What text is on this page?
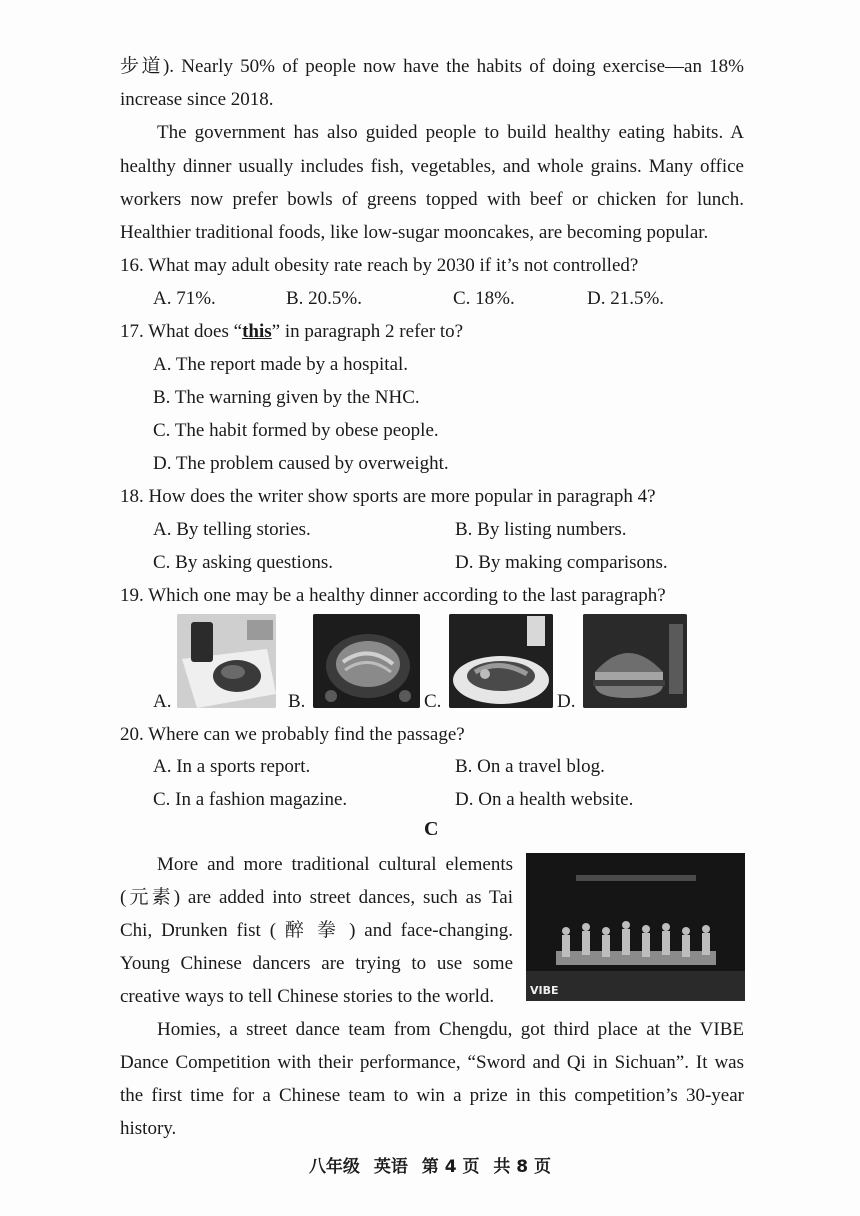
步道). Nearly 50% of people now have the habits of doing exercise—an 18%
increase since 2018.
The government has also guided people to build healthy eating habits. A
healthy dinner usually includes fish, vegetables, and whole grains. Many office
workers now prefer bowls of greens topped with beef or chicken for lunch.
Healthier traditional foods, like low-sugar mooncakes, are becoming popular.
16. What may adult obesity rate reach by 2030 if it’s not controlled?
A. 71%.	B. 20.5%.	C. 18%.	D. 21.5%.
17. What does “this” in paragraph 2 refer to?
A. The report made by a hospital.
B. The warning given by the NHC.
C. The habit formed by obese people.
D. The problem caused by overweight.
18. How does the writer show sports are more popular in paragraph 4?
A. By telling stories.	B. By listing numbers.
C. By asking questions.	D. By making comparisons.
19. Which one may be a healthy dinner according to the last paragraph?
A.	B.	C.	D.
20. Where can we probably find the passage?
A. In a sports report.	B. On a travel blog.
C. In a fashion magazine.	D. On a health website.
C
More and more traditional cultural elements
(元素) are added into street dances, such as Tai
Chi, Drunken fist ( 醉 拳 ) and face-changing.
Young Chinese dancers are trying to use some
creative ways to tell Chinese stories to the world.	VIBE
Homies, a street dance team from Chengdu, got third place at the VIBE
Dance Competition with their performance, “Sword and Qi in Sichuan”. It was
the first time for a Chinese team to win a prize in this competition’s 30-year
history.
八年级 英语 第 4 页 共 8 页
